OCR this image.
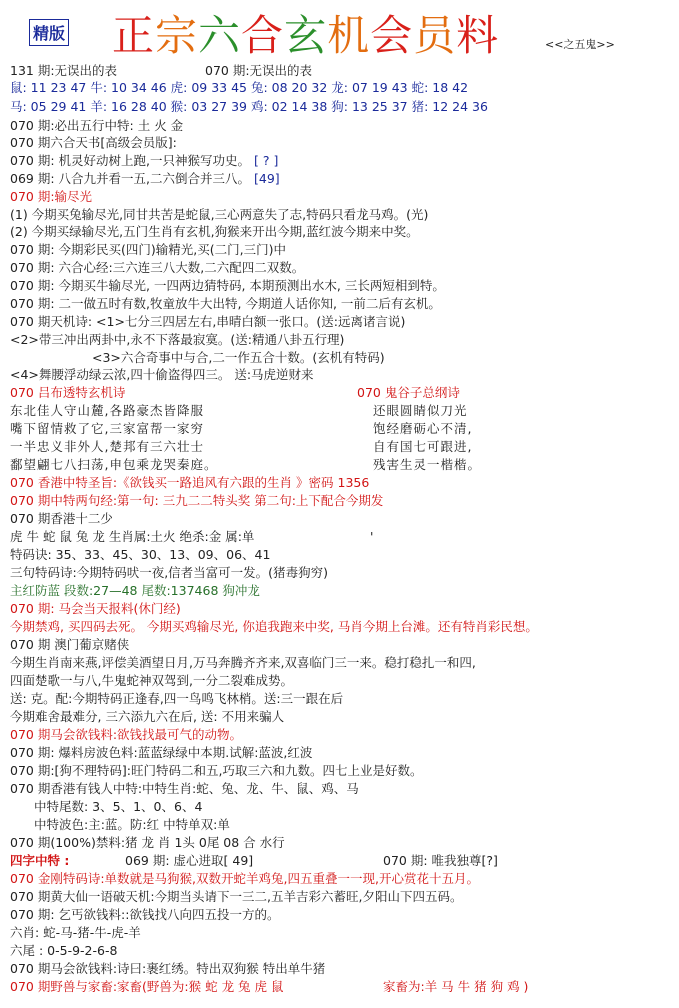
精版 正宗六合玄机会员料	<<之五鬼>>
131 期:无误出的表	070 期:无误出的表
鼠: 11 23 47 牛: 10 34 46 虎: 09 33 45 兔: 08 20 32 龙: 07 19 43 蛇: 18 42
马: 05 29 41 羊: 16 28 40 猴: 03 27 39 鸡: 02 14 38 狗: 13 25 37 猪: 12 24 36
070 期:必出五行中特: 土 火 金
070 期六合天书[高级会员版]:
070 期: 机灵好动树上跑,一只神猴写功史。 [ ? ]
069 期: 八合九并看一五,二六倒合并三八。 [49]
070 期:输尽光
(1) 今期买兔输尽光,同甘共苦是蛇鼠,三心两意失了志,特码只看龙马鸡。(光)
(2) 今期买绿输尽光,五门生肖有玄机,狗猴来开出今期,蓝红波今期来中奖。
070 期: 今期彩民买(四门)输精光,买(二门,三门)中
070 期: 六合心经:三六连三八大数,二六配四二双数。
070 期: 今期买牛输尽光, 一四两边猜特码, 本期预测出水木, 三长两短相到特。
070 期: 二一做五时有数,牧童放牛大出特, 今期道人话你知, 一前二后有玄机。
070 期天机诗: <1>七分三四居左右,串晴白额一张口。(送:远离诸言说)
<2>带三冲出两卦中,永不下落最寂寞。(送:精通八卦五行理)
<3>六合奇事中与合,二一作五合十数。(玄机有特码)
<4>舞腰浮动绿云浓,四十偷盗得四三。 送:马虎逆财来
070 吕布透特玄机诗	070 鬼谷子总纲诗
东北佳人守山麓,各路豪杰皆降服	还眼圆睛似刀光
嘴下留情救了它,三家富帮一家穷	饱经磨砺心不清,
一半忠义非外人,楚邦有三六壮士	自有国七可跟进,
鄱望翩七八扫荡,申包乘龙哭秦庭。	残害生灵一楷楷。
070 香港中特圣旨:《欲钱买一路追风有六跟的生肖 》密码 1356
070 期中特两句经:第一句: 三九二二特头奖 第二句:上下配合今期发
070 期香港十二少
虎 牛 蛇 鼠 兔 龙 生肖属:土火 绝杀:金 属:单	'
特码诀: 35、33、45、30、13、09、06、41
三句特码诗:今期特码吠一夜,信者当富可一发。(猪毒狗穷)
主红防蓝 段数:27—48 尾数:137468 狗冲龙
070 期: 马会当天报料(休门经)
今期禁鸡, 买四码去死。 今期买鸡输尽光, 你追我跑来中奖, 马肖今期上台滩。还有特肖彩民想。
070 期 澳门葡京赌侠
今期生肖南来燕,评偿美酒望日月,万马奔腾齐齐来,双喜临门三一来。稳打稳扎一和四,
四面楚歌一与八,牛鬼蛇神双驾到,一分二裂难成势。
送: 克。配:今期特码正逢春,四一鸟鸣飞林梢。送:三一跟在后
今期难舍最难分, 三六添九六在后, 送: 不用来骗人
070 期马会欲钱料:欲钱找最可气的动物。
070 期: 爆料房波色料:蓝蓝绿绿中本期.试解:蓝波,红波
070 期:[狗不理特码]:旺门特码二和五,巧取三六和九数。四七上业是好数。
070 期香港有钱人中特:中特生肖:蛇、兔、龙、牛、鼠、鸡、马
中特尾数: 3、5、1、0、6、4
中特波色:主:蓝。防:红 中特单双:单
070 期(100%)禁料:猪 龙 肖 1头 0尾 08 合 水行
四字中特 :	069 期: 虚心进取[ 49]	070 期: 唯我独尊[?]
070 金刚特码诗:单数就是马狗猴,双数开蛇羊鸡兔,四五重叠一一现,开心赏花十五月。
070 期黄大仙一语破天机:今期当头请下一三二,五羊吉彩六蓄旺,夕阳山下四五码。
070 期: 乞丐欲钱料::欲钱找八向四五投一方的。
六肖: 蛇-马-猪-牛-虎-羊
六尾 : 0-5-9-2-6-8
070 期马会欲钱料:诗曰:裹红绣。特出双狗猴 特出单牛猪
070 期野兽与家畜:家畜(野兽为:猴 蛇 龙 兔 虎 鼠	家畜为:羊 马 牛 猪 狗 鸡 )
